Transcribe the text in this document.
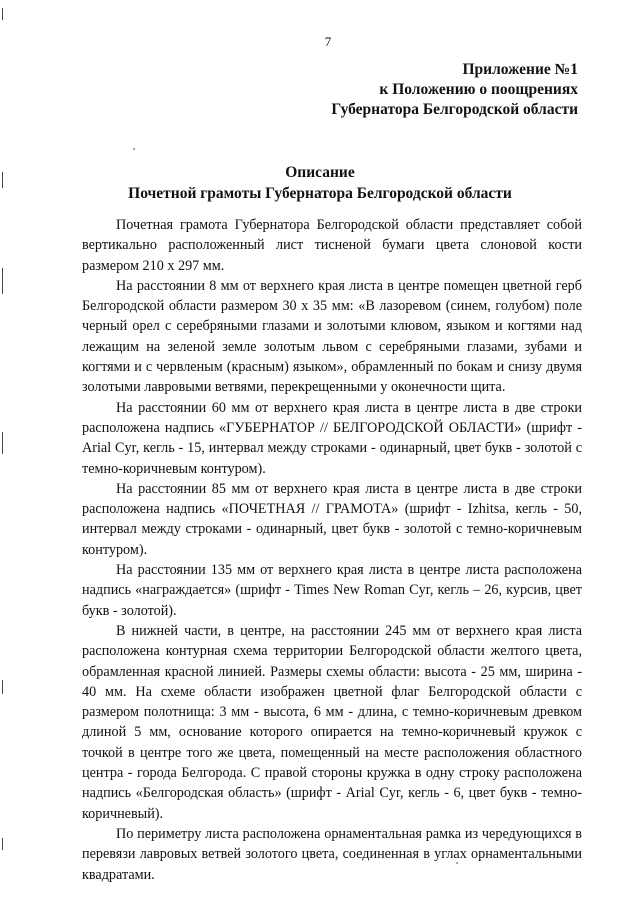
7
Приложение №1
к Положению о поощрениях
Губернатора Белгородской области
Описание
Почетной грамоты Губернатора Белгородской области

Почетная грамота Губернатора Белгородской области представляет собой вертикально расположенный лист тисненой бумаги цвета слоновой кости размером 210 x 297 мм.

На расстоянии 8 мм от верхнего края листа в центре помещен цветной герб Белгородской области размером 30 x 35 мм: «В лазоревом (синем, голубом) поле черный орел с серебряными глазами и золотыми клювом, языком и когтями над лежащим на зеленой земле золотым львом с серебряными глазами, зубами и когтями и с червленым (красным) языком», обрамленный по бокам и снизу двумя золотыми лавровыми ветвями, перекрещенными у оконечности щита.

На расстоянии 60 мм от верхнего края листа в центре листа в две строки расположена надпись «ГУБЕРНАТОР // БЕЛГОРОДСКОЙ ОБЛАСТИ» (шрифт - Arial Cyr, кегль - 15, интервал между строками - одинарный, цвет букв - золотой с темно-коричневым контуром).

На расстоянии 85 мм от верхнего края листа в центре листа в две строки расположена надпись «ПОЧЕТНАЯ // ГРАМОТА» (шрифт - Izhitsa, кегль - 50, интервал между строками - одинарный, цвет букв - золотой с темно-коричневым контуром).

На расстоянии 135 мм от верхнего края листа в центре листа расположена надпись «награждается» (шрифт - Times New Roman Cyr, кегль – 26, курсив, цвет букв - золотой).

В нижней части, в центре, на расстоянии 245 мм от верхнего края листа расположена контурная схема территории Белгородской области желтого цвета, обрамленная красной линией. Размеры схемы области: высота - 25 мм, ширина - 40 мм. На схеме области изображен цветной флаг Белгородской области с размером полотнища: 3 мм - высота, 6 мм - длина, с темно-коричневым древком длиной 5 мм, основание которого опирается на темно-коричневый кружок с точкой в центре того же цвета, помещенный на месте расположения областного центра - города Белгорода. С правой стороны кружка в одну строку расположена надпись «Белгородская область» (шрифт - Arial Cyr, кегль - 6, цвет букв - темно-коричневый).

По периметру листа расположена орнаментальная рамка из чередующихся в перевязи лавровых ветвей золотого цвета, соединенная в углах орнаментальными квадратами.
